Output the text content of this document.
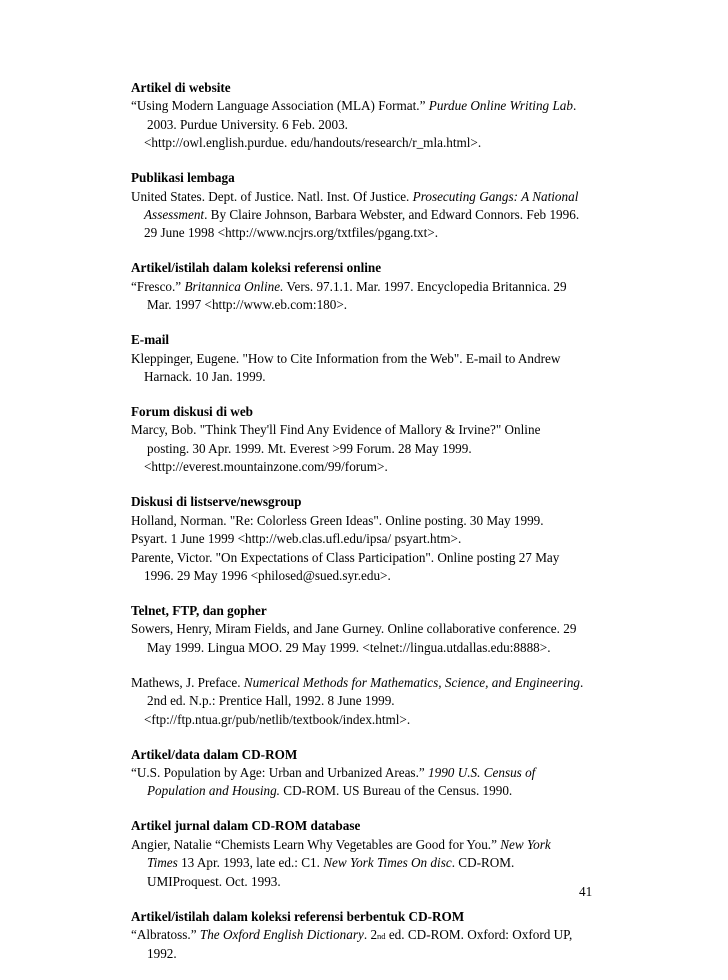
Artikel di website
“Using Modern Language Association (MLA) Format.” Purdue Online Writing Lab.
2003. Purdue University. 6 Feb. 2003.
<http://owl.english.purdue. edu/handouts/research/r_mla.html>.
Publikasi lembaga
United States. Dept. of Justice. Natl. Inst. Of Justice. Prosecuting Gangs: A National
Assessment. By Claire Johnson, Barbara Webster, and Edward Connors. Feb 1996.
29 June 1998 <http://www.ncjrs.org/txtfiles/pgang.txt>.
Artikel/istilah dalam koleksi referensi online
“Fresco.” Britannica Online. Vers. 97.1.1. Mar. 1997. Encyclopedia Britannica. 29
Mar. 1997 <http://www.eb.com:180>.
E-mail
Kleppinger, Eugene. "How to Cite Information from the Web". E-mail to Andrew
Harnack. 10 Jan. 1999.
Forum diskusi di web
Marcy, Bob. "Think They'll Find Any Evidence of Mallory & Irvine?" Online
posting. 30 Apr. 1999. Mt. Everest >99 Forum. 28 May 1999.
<http://everest.mountainzone.com/99/forum>.
Diskusi di listserve/newsgroup
Holland, Norman. "Re: Colorless Green Ideas". Online posting. 30 May 1999.
Psyart. 1 June 1999 <http://web.clas.ufl.edu/ipsa/ psyart.htm>.
Parente, Victor. "On Expectations of Class Participation". Online posting 27 May
1996. 29 May 1996 <philosed@sued.syr.edu>.
Telnet, FTP, dan gopher
Sowers, Henry, Miram Fields, and Jane Gurney. Online collaborative conference. 29
May 1999. Lingua MOO. 29 May 1999. <telnet://lingua.utdallas.edu:8888>.
Mathews, J. Preface. Numerical Methods for Mathematics, Science, and Engineering.
2nd ed. N.p.: Prentice Hall, 1992. 8 June 1999.
<ftp://ftp.ntua.gr/pub/netlib/textbook/index.html>.
Artikel/data dalam CD-ROM
“U.S. Population by Age: Urban and Urbanized Areas.” 1990 U.S. Census of
Population and Housing. CD-ROM. US Bureau of the Census. 1990.
Artikel jurnal dalam CD-ROM database
Angier, Natalie “Chemists Learn Why Vegetables are Good for You.” New York
Times 13 Apr. 1993, late ed.: C1. New York Times On disc. CD-ROM.
UMIProquest. Oct. 1993.
Artikel/istilah dalam koleksi referensi berbentuk CD-ROM
“Albratoss.” The Oxford English Dictionary. 2nd ed. CD-ROM. Oxford: Oxford UP,
1992.
41
